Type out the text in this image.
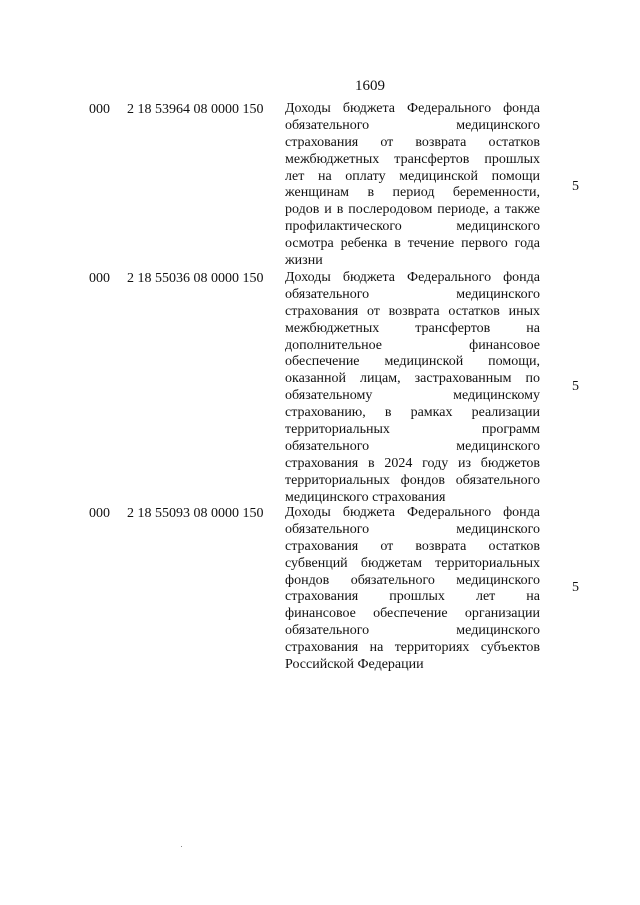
1609
000 2 18 53964 08 0000 150 Доходы бюджета Федерального фонда
обязательного медицинского
страхования от возврата остатков
межбюджетных трансфертов прошлых
лет на оплату медицинской помощи
женщинам в период беременности,
родов и в послеродовом периоде, а также
профилактического медицинского
осмотра ребенка в течение первого года
жизни
5
000 2 18 55036 08 0000 150 Доходы бюджета Федерального фонда
обязательного медицинского
страхования от возврата остатков иных
межбюджетных трансфертов на
дополнительное финансовое
обеспечение медицинской помощи,
оказанной лицам, застрахованным по
обязательному медицинскому
страхованию, в рамках реализации
территориальных программ
обязательного медицинского
страхования в 2024 году из бюджетов
территориальных фондов обязательного
медицинского страхования
5
000 2 18 55093 08 0000 150 Доходы бюджета Федерального фонда
обязательного медицинского
страхования от возврата остатков
субвенций бюджетам территориальных
фондов обязательного медицинского
страхования прошлых лет на
финансовое обеспечение организации
обязательного медицинского
страхования на территориях субъектов
Российской Федерации
5
